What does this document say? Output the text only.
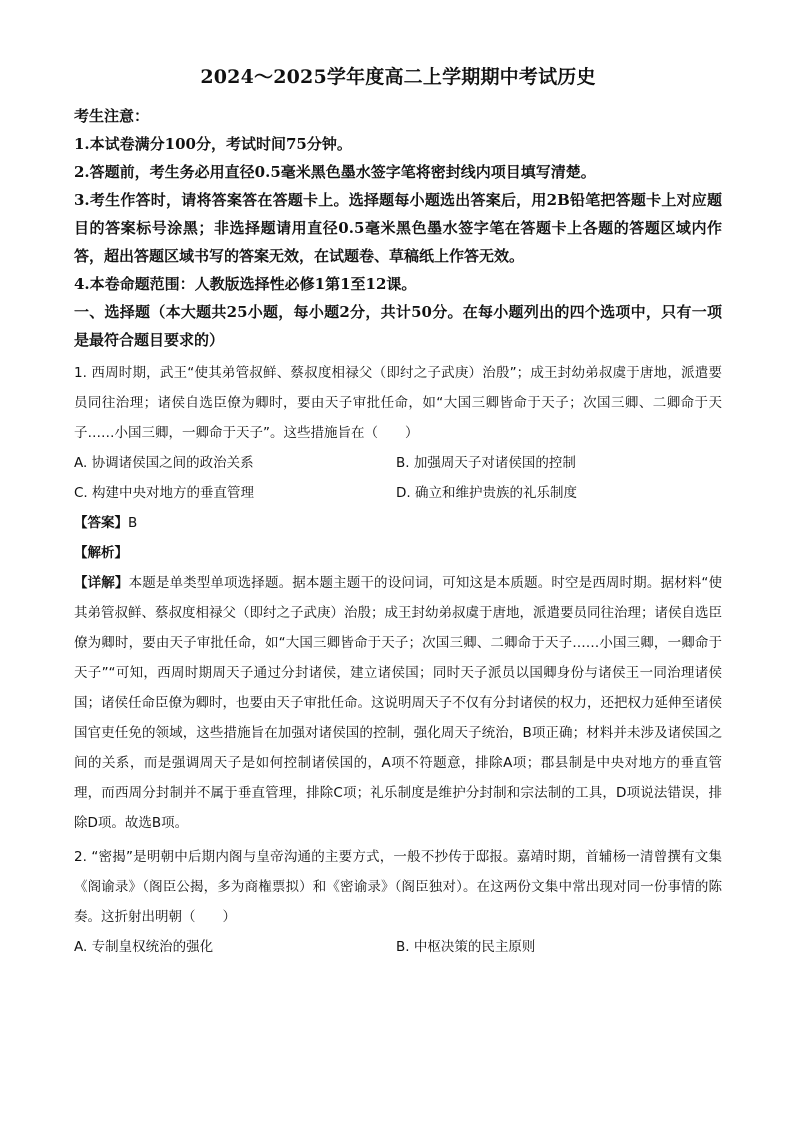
2024～2025学年度高二上学期期中考试历史
考生注意：
1.本试卷满分100分，考试时间75分钟。
2.答题前，考生务必用直径0.5毫米黑色墨水签字笔将密封线内项目填写清楚。
3.考生作答时，请将答案答在答题卡上。选择题每小题选出答案后，用2B铅笔把答题卡上对应题目的答案标号涂黑；非选择题请用直径0.5毫米黑色墨水签字笔在答题卡上各题的答题区域内作答，超出答题区域书写的答案无效，在试题卷、草稿纸上作答无效。
4.本卷命题范围：人教版选择性必修1第1至12课。
一、选择题（本大题共25小题，每小题2分，共计50分。在每小题列出的四个选项中，只有一项是最符合题目要求的）
1. 西周时期，武王“使其弟管叔鲜、蔡叔度相禄父（即纣之子武庚）治殷”；成王封幼弟叔虞于唐地，派遣要员同往治理；诸侯自选臣僚为卿时，要由天子审批任命，如“大国三卿皆命于天子；次国三卿、二卿命于天子……小国三卿，一卿命于天子”。这些措施旨在（　　）
A. 协调诸侯国之间的政治关系	B. 加强周天子对诸侯国的控制
C. 构建中央对地方的垂直管理	D. 确立和维护贵族的礼乐制度
【答案】B
【解析】
【详解】本题是单类型单项选择题。据本题主题干的设问词，可知这是本质题。时空是西周时期。据材料“使其弟管叔鲜、蔡叔度相禄父（即纣之子武庚）治殷；成王封幼弟叔虞于唐地，派遣要员同往治理；诸侯自选臣僚为卿时，要由天子审批任命，如“大国三卿皆命于天子；次国三卿、二卿命于天子……小国三卿，一卿命于天子”“可知，西周时期周天子通过分封诸侯，建立诸侯国；同时天子派员以国卿身份与诸侯王一同治理诸侯国；诸侯任命臣僚为卿时，也要由天子审批任命。这说明周天子不仅有分封诸侯的权力，还把权力延伸至诸侯国官吏任免的领域，这些措施旨在加强对诸侯国的控制，强化周天子统治，B项正确；材料并未涉及诸侯国之间的关系，而是强调周天子是如何控制诸侯国的，A项不符题意，排除A项；郡县制是中央对地方的垂直管理，而西周分封制并不属于垂直管理，排除C项；礼乐制度是维护分封制和宗法制的工具，D项说法错误，排除D项。故选B项。
2. “密揭”是明朝中后期内阁与皇帝沟通的主要方式，一般不抄传于邸报。嘉靖时期，首辅杨一清曾撰有文集《阁谕录》（阁臣公揭，多为商権票拟）和《密谕录》（阁臣独对）。在这两份文集中常出现对同一份事情的陈奏。这折射出明朝（　　）
A. 专制皇权统治的强化	B. 中枢决策的民主原则
